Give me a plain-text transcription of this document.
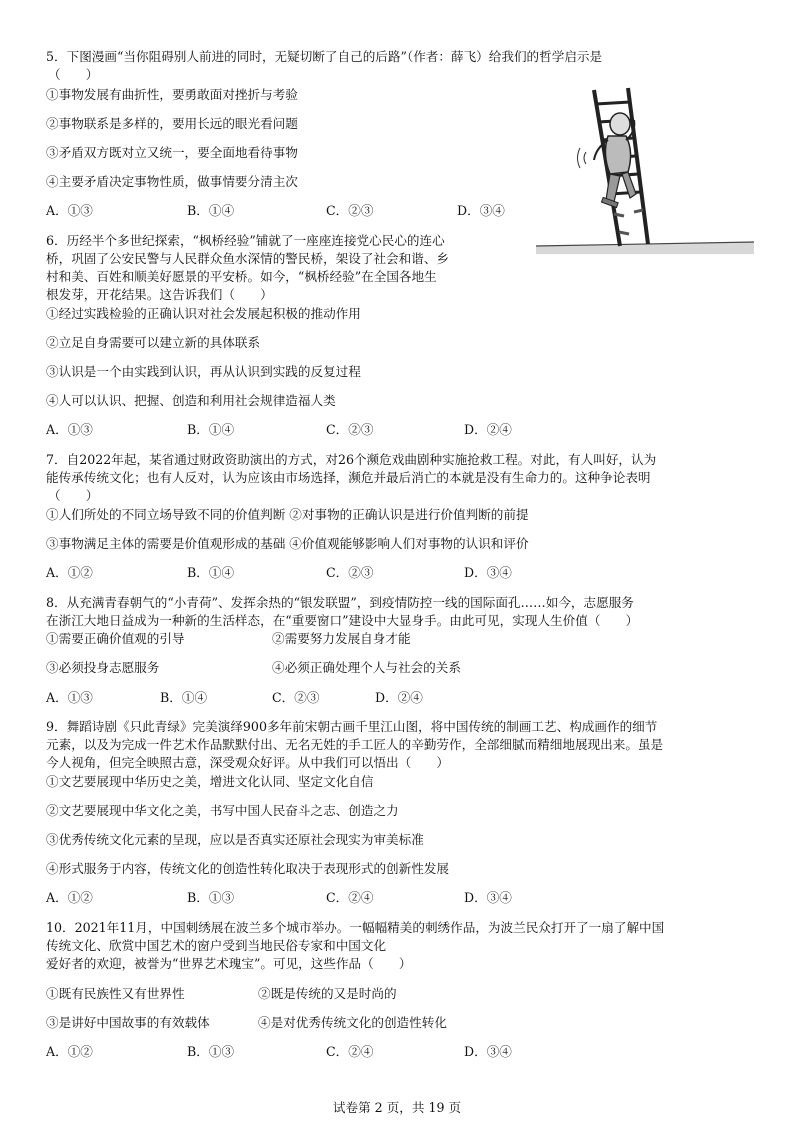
5．下图漫画“当你阻碍别人前进的同时，无疑切断了自己的后路”（作者：薛飞）给我们的哲学启示是
（　　）
①事物发展有曲折性，要勇敢面对挫折与考验
②事物联系是多样的，要用长远的眼光看问题
③矛盾双方既对立又统一，要全面地看待事物
④主要矛盾决定事物性质，做事情要分清主次
A．①③	B．①④	C．②③	D．③④
6．历经半个多世纪探索，“枫桥经验”铺就了一座座连接党心民心的连心
桥，巩固了公安民警与人民群众鱼水深情的警民桥，架设了社会和谐、乡
村和美、百姓和顺美好愿景的平安桥。如今，“枫桥经验”在全国各地生
根发芽，开花结果。这告诉我们（　　）
①经过实践检验的正确认识对社会发展起积极的推动作用
②立足自身需要可以建立新的具体联系
③认识是一个由实践到认识，再从认识到实践的反复过程
④人可以认识、把握、创造和利用社会规律造福人类
A．①③	B．①④	C．②③	D．②④
7．自2022年起，某省通过财政资助演出的方式，对26个濒危戏曲剧种实施抢救工程。对此，有人叫好，认为
能传承传统文化；也有人反对，认为应该由市场选择，濒危并最后消亡的本就是没有生命力的。这种争论表明
（　　）
①人们所处的不同立场导致不同的价值判断 ②对事物的正确认识是进行价值判断的前提
③事物满足主体的需要是价值观形成的基础 ④价值观能够影响人们对事物的认识和评价
A．①②	B．①④	C．②③	D．③④
8．从充满青春朝气的“小青荷”、发挥余热的“银发联盟”，到疫情防控一线的国际面孔……如今，志愿服务
在浙江大地日益成为一种新的生活样态，在“重要窗口”建设中大显身手。由此可见，实现人生价值（　　）
①需要正确价值观的引导	②需要努力发展自身才能
③必须投身志愿服务	④必须正确处理个人与社会的关系
A．①③	B．①④	C．②③	D．②④
9．舞蹈诗剧《只此青绿》完美演绎900多年前宋朝古画千里江山图，将中国传统的制画工艺、构成画作的细节
元素，以及为完成一件艺术作品默默付出、无名无姓的手工匠人的辛勤劳作，全部细腻而精细地展现出来。虽是
今人视角，但完全映照古意，深受观众好评。从中我们可以悟出（　　）
①文艺要展现中华历史之美，增进文化认同、坚定文化自信
②文艺要展现中华文化之美，书写中国人民奋斗之志、创造之力
③优秀传统文化元素的呈现，应以是否真实还原社会现实为审美标准
④形式服务于内容，传统文化的创造性转化取决于表现形式的创新性发展
A．①②	B．①③	C．②④	D．③④
10．2021年11月，中国刺绣展在波兰多个城市举办。一幅幅精美的刺绣作品，为波兰民众打开了一扇了解中国
传统文化、欣赏中国艺术的窗户受到当地民俗专家和中国文化
爱好者的欢迎，被誉为“世界艺术瑰宝”。可见，这些作品（　　）
①既有民族性又有世界性	②既是传统的又是时尚的
③是讲好中国故事的有效载体	④是对优秀传统文化的创造性转化
A．①②	B．①③	C．②④	D．③④
试卷第 2 页，共 19 页
